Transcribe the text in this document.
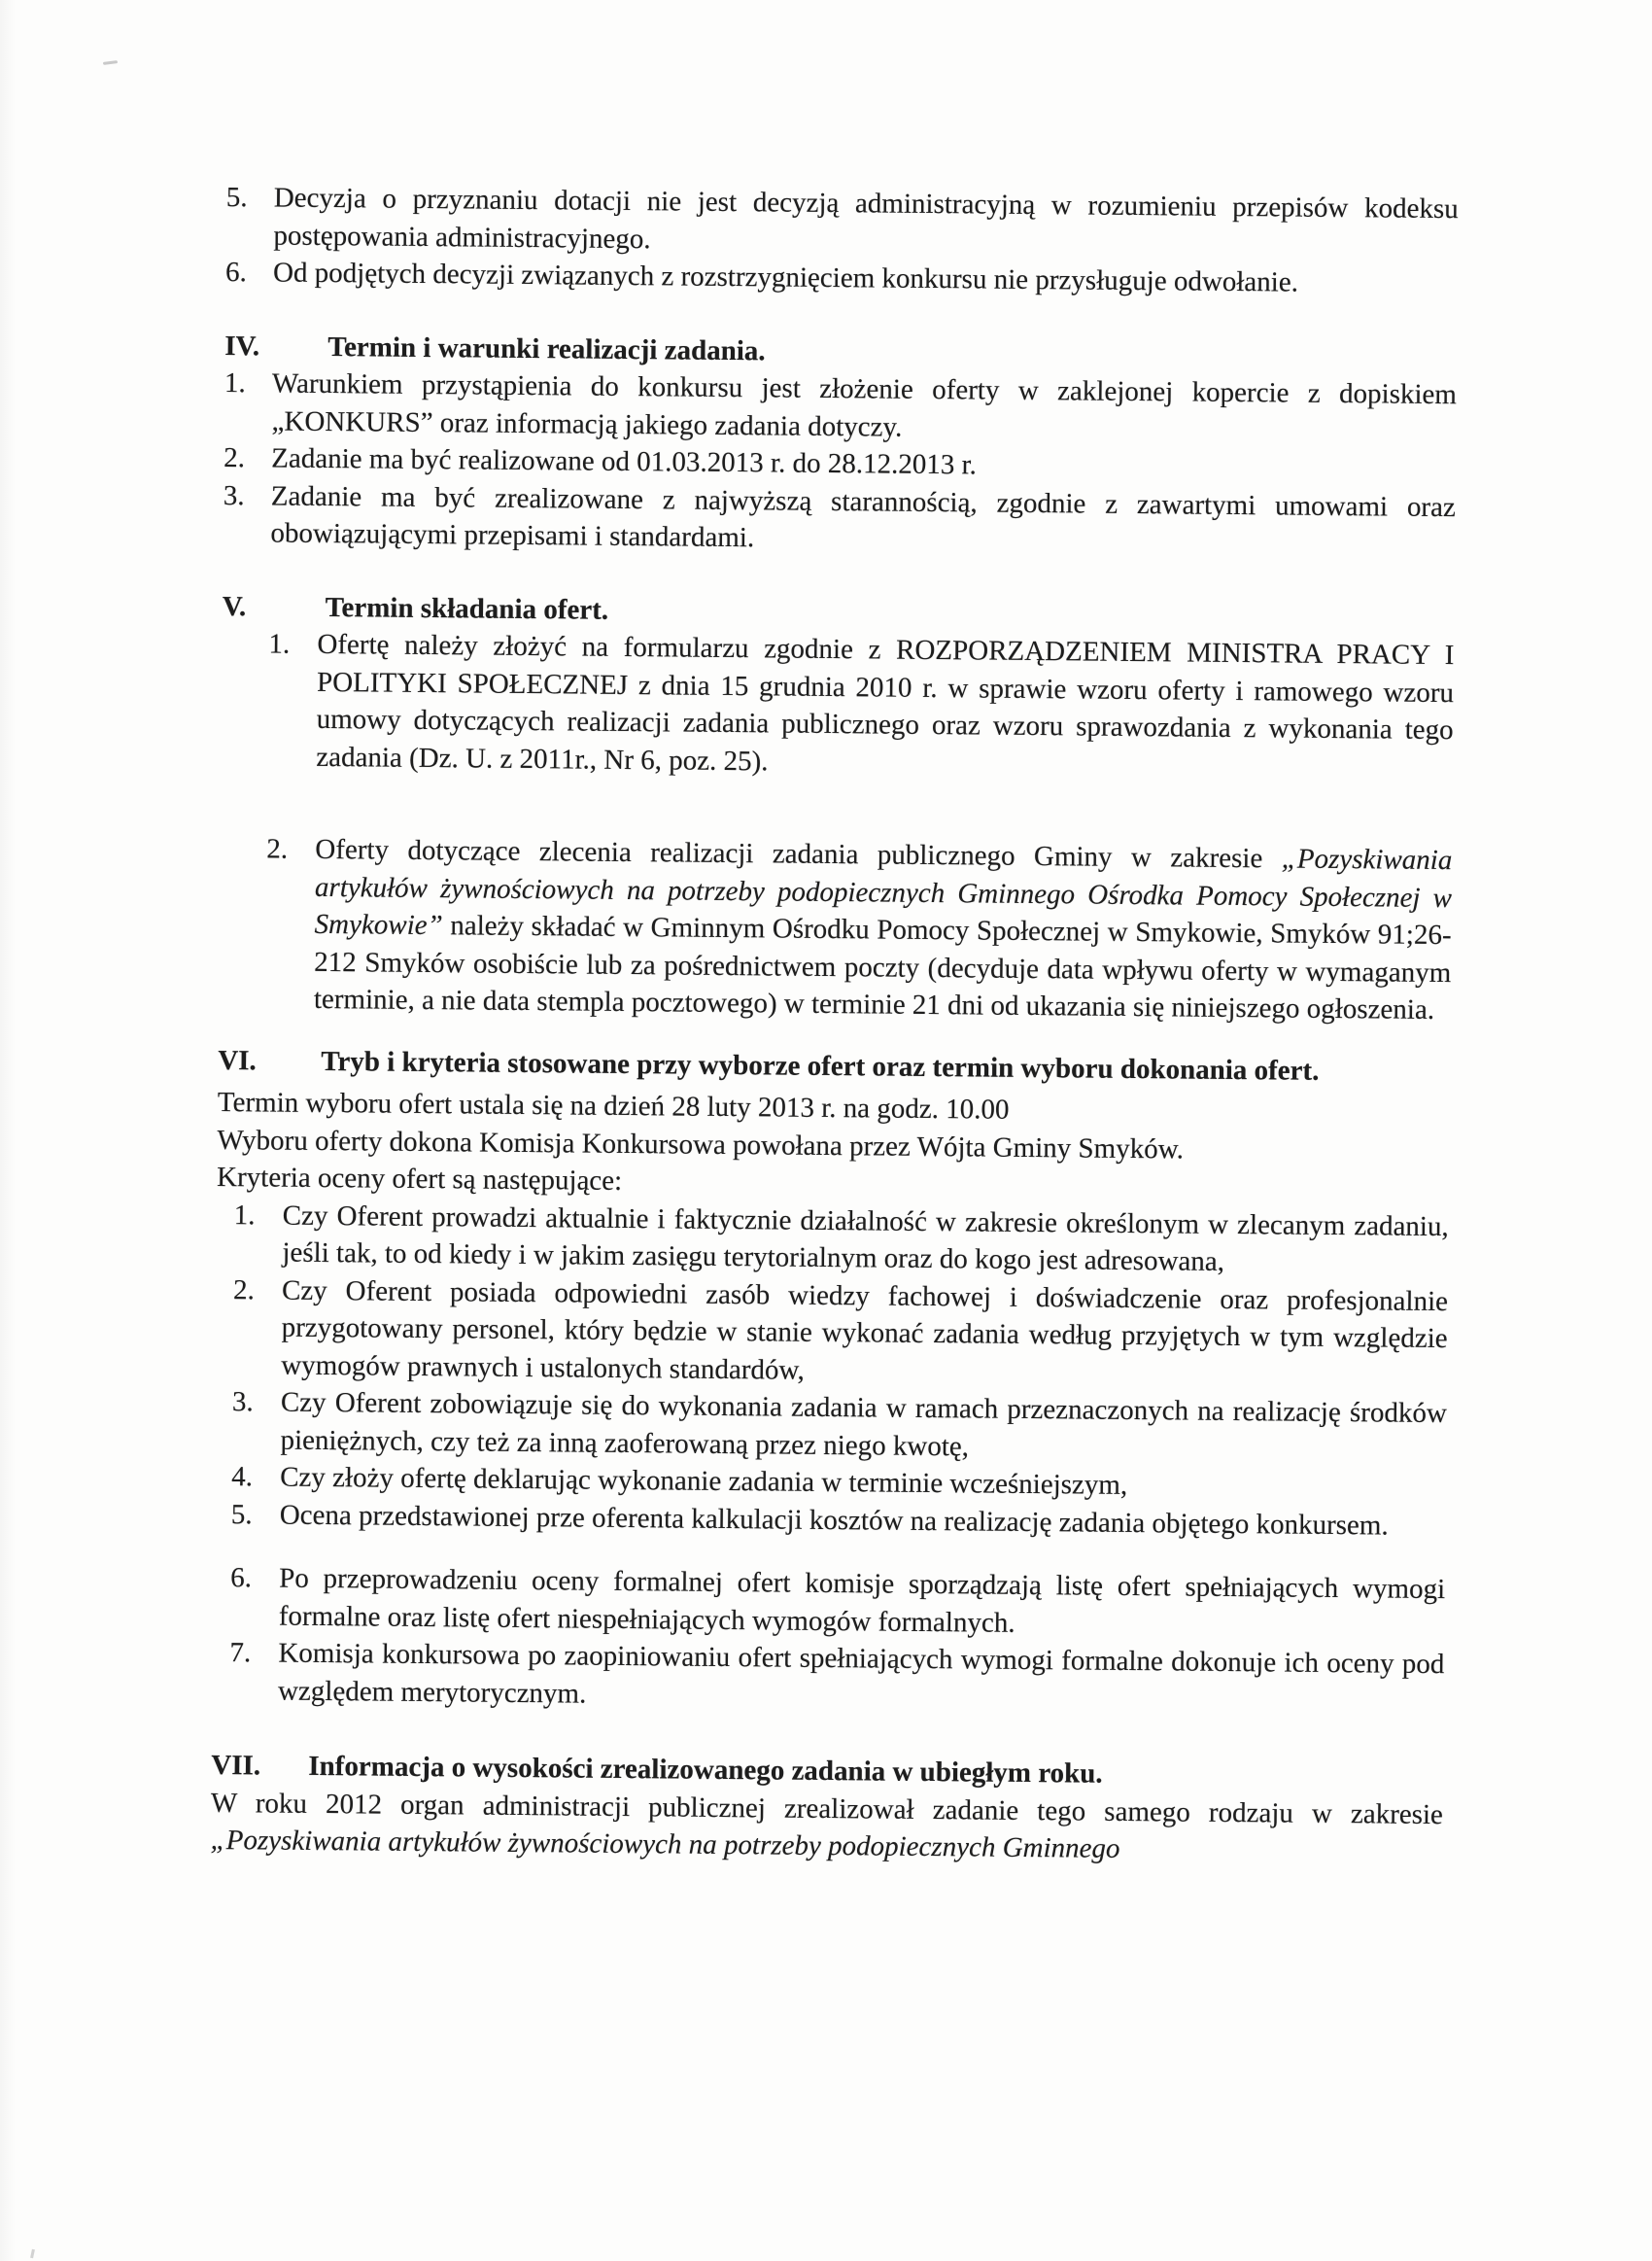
5. Decyzja o przyznaniu dotacji nie jest decyzją administracyjną w rozumieniu przepisów kodeksu postępowania administracyjnego.
6. Od podjętych decyzji związanych z rozstrzygnięciem konkursu nie przysługuje odwołanie.
IV.	Termin i warunki realizacji zadania.
1. Warunkiem przystąpienia do konkursu jest złożenie oferty w zaklejonej kopercie z dopiskiem „KONKURS” oraz informacją jakiego zadania dotyczy.
2. Zadanie ma być realizowane od 01.03.2013 r. do 28.12.2013 r.
3. Zadanie ma być zrealizowane z najwyższą starannością, zgodnie z zawartymi umowami oraz obowiązującymi przepisami i standardami.
V.	Termin składania ofert.
1. Ofertę należy złożyć na formularzu zgodnie z ROZPORZĄDZENIEM MINISTRA PRACY I POLITYKI SPOŁECZNEJ z dnia 15 grudnia 2010 r. w sprawie wzoru oferty i ramowego wzoru umowy dotyczących realizacji zadania publicznego oraz wzoru sprawozdania z wykonania tego zadania (Dz. U. z 2011r., Nr 6, poz. 25).
2. Oferty dotyczące zlecenia realizacji zadania publicznego Gminy w zakresie „Pozyskiwania artykułów żywnościowych na potrzeby podopiecznych Gminnego Ośrodka Pomocy Społecznej w Smykowie” należy składać w Gminnym Ośrodku Pomocy Społecznej w Smykowie, Smyków 91;26-212 Smyków osobiście lub za pośrednictwem poczty (decyduje data wpływu oferty w wymaganym terminie, a nie data stempla pocztowego) w terminie 21 dni od ukazania się niniejszego ogłoszenia.
VI.	Tryb i kryteria stosowane przy wyborze ofert oraz termin wyboru dokonania ofert.
Termin wyboru ofert ustala się na dzień 28 luty 2013 r. na godz. 10.00
Wyboru oferty dokona Komisja Konkursowa powołana przez Wójta Gminy Smyków.
Kryteria oceny ofert są następujące:
1. Czy Oferent prowadzi aktualnie i faktycznie działalność w zakresie określonym w zlecanym zadaniu, jeśli tak, to od kiedy i w jakim zasięgu terytorialnym oraz do kogo jest adresowana,
2. Czy Oferent posiada odpowiedni zasób wiedzy fachowej i doświadczenie oraz profesjonalnie przygotowany personel, który będzie w stanie wykonać zadania według przyjętych w tym względzie wymogów prawnych i ustalonych standardów,
3. Czy Oferent zobowiązuje się do wykonania zadania w ramach przeznaczonych na realizację środków pieniężnych, czy też za inną zaoferowaną przez niego kwotę,
4. Czy złoży ofertę deklarując wykonanie zadania w terminie wcześniejszym,
5. Ocena przedstawionej prze oferenta kalkulacji kosztów na realizację zadania objętego konkursem.
6. Po przeprowadzeniu oceny formalnej ofert komisje sporządzają listę ofert spełniających wymogi formalne oraz listę ofert niespełniających wymogów formalnych.
7. Komisja konkursowa po zaopiniowaniu ofert spełniających wymogi formalne dokonuje ich oceny pod względem merytorycznym.
VII.	Informacja o wysokości zrealizowanego zadania w ubiegłym roku.
W roku 2012 organ administracji publicznej zrealizował zadanie tego samego rodzaju w zakresie „Pozyskiwania artykułów żywnościowych na potrzeby podopiecznych Gminnego
